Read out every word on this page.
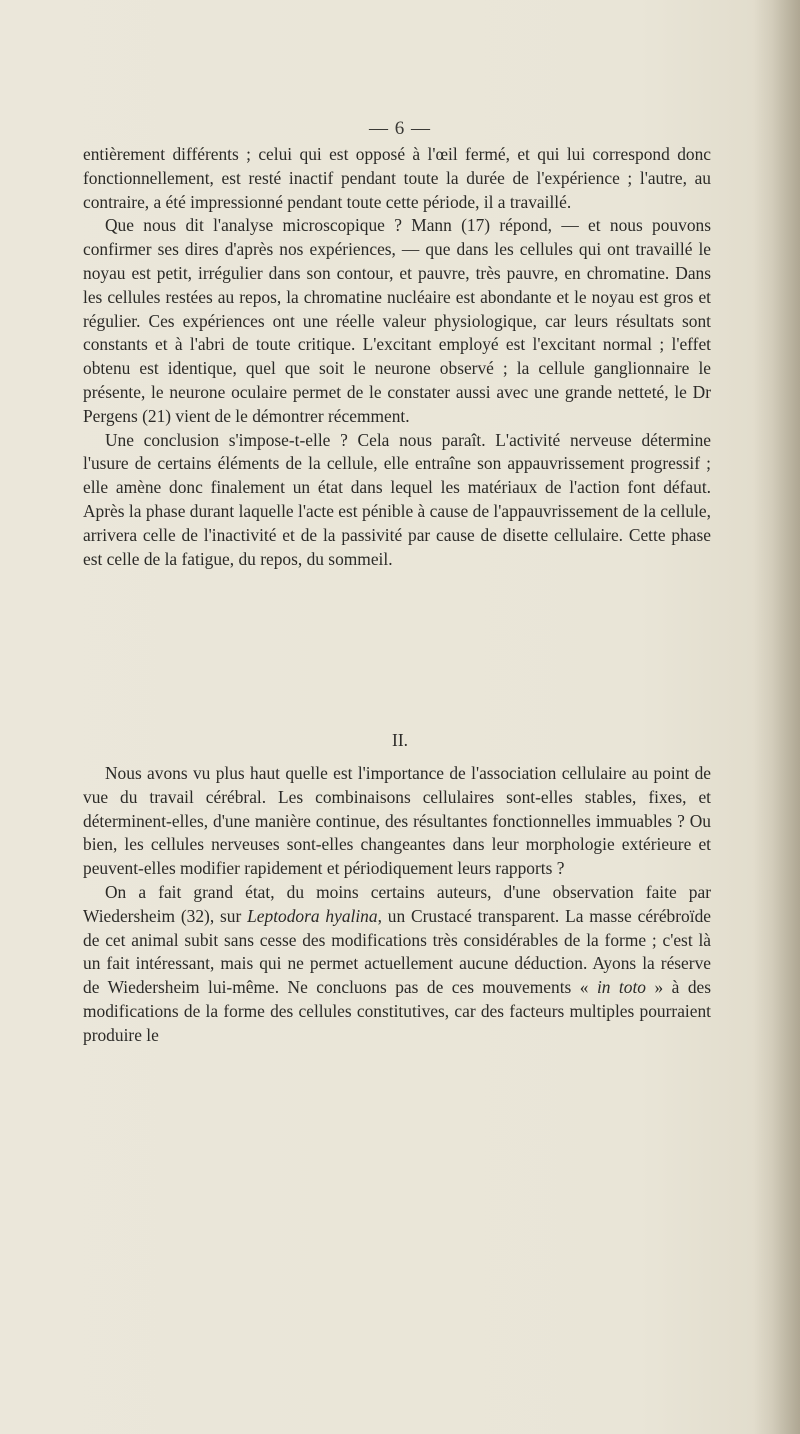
— 6 —

entièrement différents ; celui qui est opposé à l'œil fermé, et qui lui correspond donc fonctionnellement, est resté inactif pendant toute la durée de l'expérience ; l'autre, au contraire, a été impressionné pendant toute cette période, il a travaillé.

Que nous dit l'analyse microscopique ? Mann (17) répond, — et nous pouvons confirmer ses dires d'après nos expériences, — que dans les cellules qui ont travaillé le noyau est petit, irrégulier dans son contour, et pauvre, très pauvre, en chromatine. Dans les cellules restées au repos, la chromatine nucléaire est abondante et le noyau est gros et régulier. Ces expériences ont une réelle valeur physiologique, car leurs résultats sont constants et à l'abri de toute critique. L'excitant employé est l'excitant normal ; l'effet obtenu est identique, quel que soit le neurone observé ; la cellule ganglionnaire le présente, le neurone oculaire permet de le constater aussi avec une grande netteté, le Dr Pergens (21) vient de le démontrer récemment.

Une conclusion s'impose-t-elle ? Cela nous paraît. L'activité nerveuse détermine l'usure de certains éléments de la cellule, elle entraîne son appauvrissement progressif ; elle amène donc finalement un état dans lequel les matériaux de l'action font défaut. Après la phase durant laquelle l'acte est pénible à cause de l'appauvrissement de la cellule, arrivera celle de l'inactivité et de la passivité par cause de disette cellulaire. Cette phase est celle de la fatigue, du repos, du sommeil.

II.

Nous avons vu plus haut quelle est l'importance de l'association cellulaire au point de vue du travail cérébral. Les combinaisons cellulaires sont-elles stables, fixes, et déterminent-elles, d'une manière continue, des résultantes fonctionnelles immuables ? Ou bien, les cellules nerveuses sont-elles changeantes dans leur morphologie extérieure et peuvent-elles modifier rapidement et périodiquement leurs rapports ?

On a fait grand état, du moins certains auteurs, d'une observation faite par Wiedersheim (32), sur Leptodora hyalina, un Crustacé transparent. La masse cérébroïde de cet animal subit sans cesse des modifications très considérables de la forme ; c'est là un fait intéressant, mais qui ne permet actuellement aucune déduction. Ayons la réserve de Wiedersheim lui-même. Ne concluons pas de ces mouvements « in toto » à des modifications de la forme des cellules constitutives, car des facteurs multiples pourraient produire le
